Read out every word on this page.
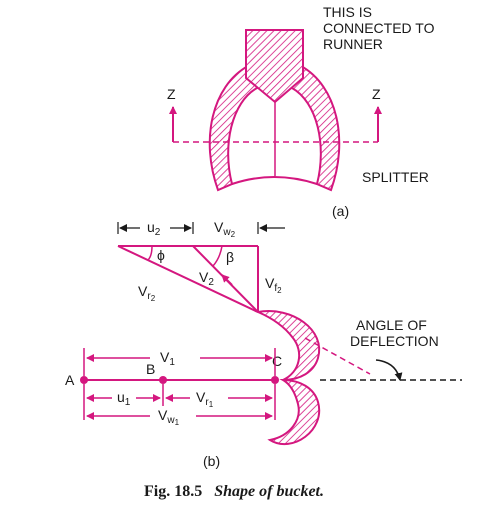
THIS IS
CONNECTED TO
RUNNER
Z	Z
SPLITTER
(a)
$u_2$	$V_{w_2}$
ϕ	β
$V_2$
$V_{r_2}$
$V_{f_2}$
ANGLE OF
DEFLECTION
A
B	C
$V_1$
$u_1$	$V_{r_1}$
$V_{w_1}$
(b)
Fig. 18.5 Shape of bucket.
